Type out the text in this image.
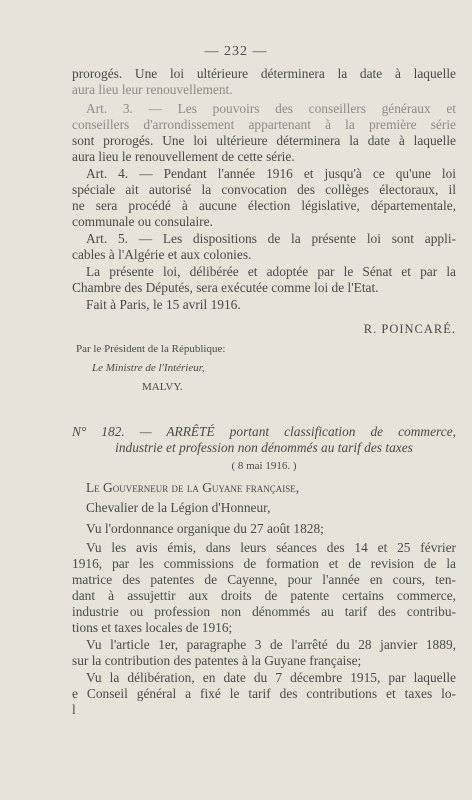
— 232 —
prorogés. Une loi ultérieure déterminera la date à laquelle
aura lieu leur renouvellement.
Art. 3. — Les pouvoirs des conseillers généraux et
conseillers d'arrondissement appartenant à la première série
sont prorogés. Une loi ultérieure déterminera la date à laquelle
aura lieu le renouvellement de cette série.
Art. 4. — Pendant l'année 1916 et jusqu'à ce qu'une loi
spéciale ait autorisé la convocation des collèges électoraux, il
ne sera procédé à aucune élection législative, départementale,
communale ou consulaire.
Art. 5. — Les dispositions de la présente loi sont appli-
cables à l'Algérie et aux colonies.
La présente loi, délibérée et adoptée par le Sénat et par la
Chambre des Députés, sera exécutée comme loi de l'Etat.
Fait à Paris, le 15 avril 1916.
R. POINCARÉ.
Par le Président de la République:
Le Ministre de l'Intérieur,
MALVY.
N° 182. — ARRÊTÉ portant classification de commerce,
industrie et profession non dénommés au tarif des taxes
( 8 mai 1916. )
Le Gouverneur de la Guyane française,
Chevalier de la Légion d'Honneur,
Vu l'ordonnance organique du 27 août 1828;
Vu les avis émis, dans leurs séances des 14 et 25 février
1916, par les commissions de formation et de revision de la
matrice des patentes de Cayenne, pour l'année en cours, ten-
dant à assujettir aux droits de patente certains commerce,
industrie ou profession non dénommés au tarif des contribu-
tions et taxes locales de 1916;
Vu l'article 1er, paragraphe 3 de l'arrêté du 28 janvier 1889,
sur la contribution des patentes à la Guyane française;
Vu la délibération, en date du 7 décembre 1915, par laquelle
e Conseil général a fixé le tarif des contributions et taxes lo-
l
